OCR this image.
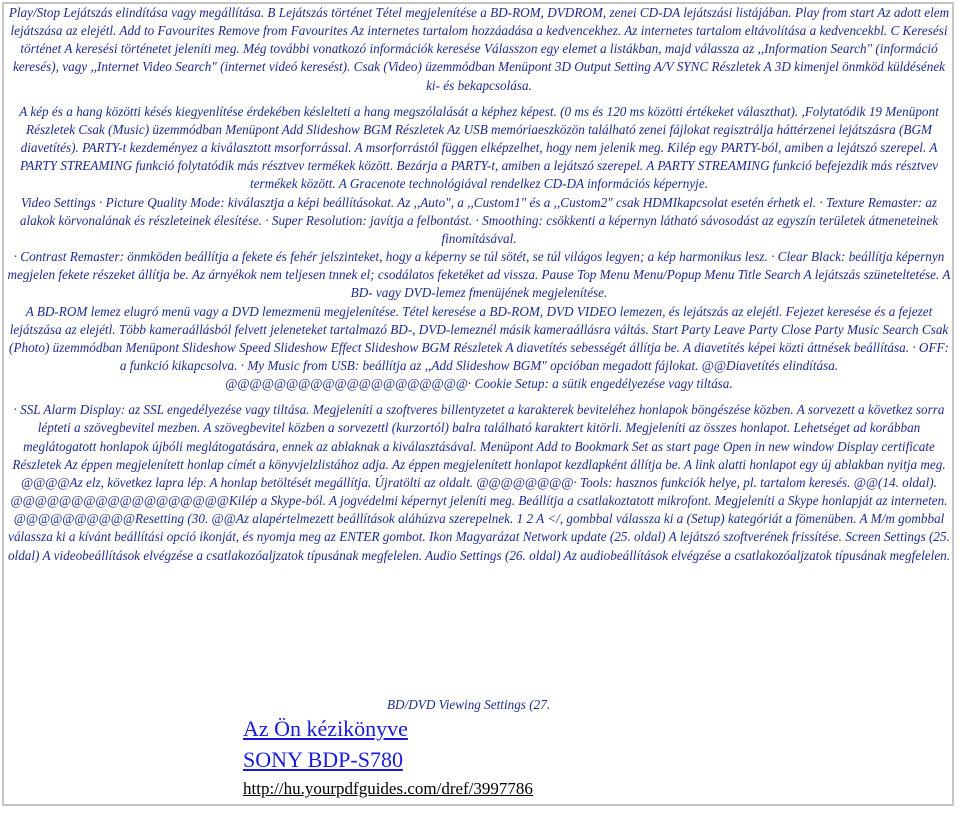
Play/Stop Lejátszás elindítása vagy megállítása. B Lejátszás történet Tétel megjelenítése a BD-ROM, DVDROM, zenei CD-DA lejátszási listájában. Play from start Az adott elem lejátszása az elejétl. Add to Favourites Remove from Favourites Az internetes tartalom hozzáadása a kedvencekhez. Az internetes tartalom eltávolítása a kedvencekbl. C Keresési történet A keresési történetet jeleníti meg. Még további vonatkozó információk keresése Válasszon egy elemet a listákban, majd válassza az ,,Information Search" (információ keresés), vagy ,,Internet Video Search" (internet videó keresést). Csak (Video) üzemmódban Menüpont 3D Output Setting A/V SYNC Részletek A 3D kimenjel önmköd küldésének ki- és bekapcsolása.

A kép és a hang közötti késés kiegyenlítése érdekében késlelteti a hang megszólalását a képhez képest. (0 ms és 120 ms közötti értékeket választhat). ,Folytatódik 19 Menüpont Részletek Csak (Music) üzemmódban Menüpont Add Slideshow BGM Részletek Az USB memóriaeszközön található zenei fájlokat regisztrálja háttérzenei lejátszásra (BGM diavetítés). PARTY-t kezdeményez a kiválasztott msorforrással. A msorforrástól függen elképzelhet, hogy nem jelenik meg. Kilép egy PARTY-ból, amiben a lejátszó szerepel. A PARTY STREAMING funkció folytatódik más résztvev termékek között. Bezárja a PARTY-t, amiben a lejátszó szerepel. A PARTY STREAMING funkció befejezdik más résztvev termékek között. A Gracenote technológiával rendelkez CD-DA információs képernyje.

Video Settings · Picture Quality Mode: kiválasztja a képi beállításokat. Az ,,Auto", a ,,Custom1" és a ,,Custom2" csak HDMIkapcsolat esetén érhetk el. · Texture Remaster: az alakok körvonalának és részleteinek élesítése. · Super Resolution: javítja a felbontást. · Smoothing: csökkenti a képernyn látható sávosodást az egyszín területek átmeneteinek finomításával.

· Contrast Remaster: önmköden beállítja a fekete és fehér jelszinteket, hogy a képerny se túl sötét, se túl világos legyen; a kép harmonikus lesz. · Clear Black: beállítja képernyn megjelen fekete részeket állítja be. Az árnyékok nem teljesen tnnek el; csodálatos feketéket ad vissza. Pause Top Menu Menu/Popup Menu Title Search A lejátszás szüneteltetése. A BD- vagy DVD-lemez fmenüjének megjelenítése.

A BD-ROM lemez elugró menü vagy a DVD lemezmenü megjelenítése. Tétel keresése a BD-ROM, DVD VIDEO lemezen, és lejátszás az elejétl. Fejezet keresése és a fejezet lejátszása az elejétl. Több kameraállásból felvett jeleneteket tartalmazó BD-, DVD-lemeznél másik kameraállásra váltás. Start Party Leave Party Close Party Music Search Csak (Photo) üzemmódban Menüpont Slideshow Speed Slideshow Effect Slideshow BGM Részletek A diavetítés sebességét állítja be. A diavetítés képei közti áttnések beállítása. · OFF: a funkció kikapcsolva. · My Music from USB: beállítja az ,,Add Slideshow BGM" opcióban megadott fájlokat. @@Diavetítés elindítása. @@@@@@@@@@@@@@@@@@@@· Cookie Setup: a sütik engedélyezése vagy tiltása.

· SSL Alarm Display: az SSL engedélyezése vagy tiltása. Megjeleníti a szoftveres billentyzetet a karakterek beviteléhez honlapok böngészése közben. A sorvezett a következ sorra lépteti a szövegbevitel mezben. A szövegbevitel közben a sorvezettl (kurzortól) balra található karaktert kitörli. Megjeleníti az összes honlapot. Lehetséget ad korábban meglátogatott honlapok újbóli meglátogatására, ennek az ablaknak a kiválasztásával. Menüpont Add to Bookmark Set as start page Open in new window Display certificate Részletek Az éppen megjelenített honlap címét a könyvjelzlistához adja. Az éppen megjelenített honlapot kezdlapként állítja be. A link alatti honlapot egy új ablakban nyitja meg. @@@@Az elz, következ lapra lép. A honlap betöltését megállítja. Újratölti az oldalt. @@@@@@@@· Tools: hasznos funkciók helye, pl. tartalom keresés. @@(14. oldal). @@@@@@@@@@@@@@@@@@Kilép a Skype-ból. A jogvédelmi képernyt jeleníti meg. Beállítja a csatlakoztatott mikrofont. Megjeleníti a Skype honlapját az interneten.

@@@@@@@@@@Resetting (30. @@Az alapértelmezett beállítások aláhúzva szerepelnek. 1 2 A </, gombbal válassza ki a (Setup) kategóriát a fömenüben. A M/m gombbal válassza ki a kívánt beállítási opció ikonját, és nyomja meg az ENTER gombot. Ikon Magyarázat Network update (25. oldal) A lejátszó szoftverének frissítése. Screen Settings (25. oldal) A videobeállítások elvégzése a csatlakozóaljzatok típusának megfelelen. Audio Settings (26. oldal) Az audiobeállítások elvégzése a csatlakozóaljzatok típusának megfelelen.

BD/DVD Viewing Settings (27.

Az Ön kézikönyve
SONY BDP-S780
http://hu.yourpdfguides.com/dref/3997786
